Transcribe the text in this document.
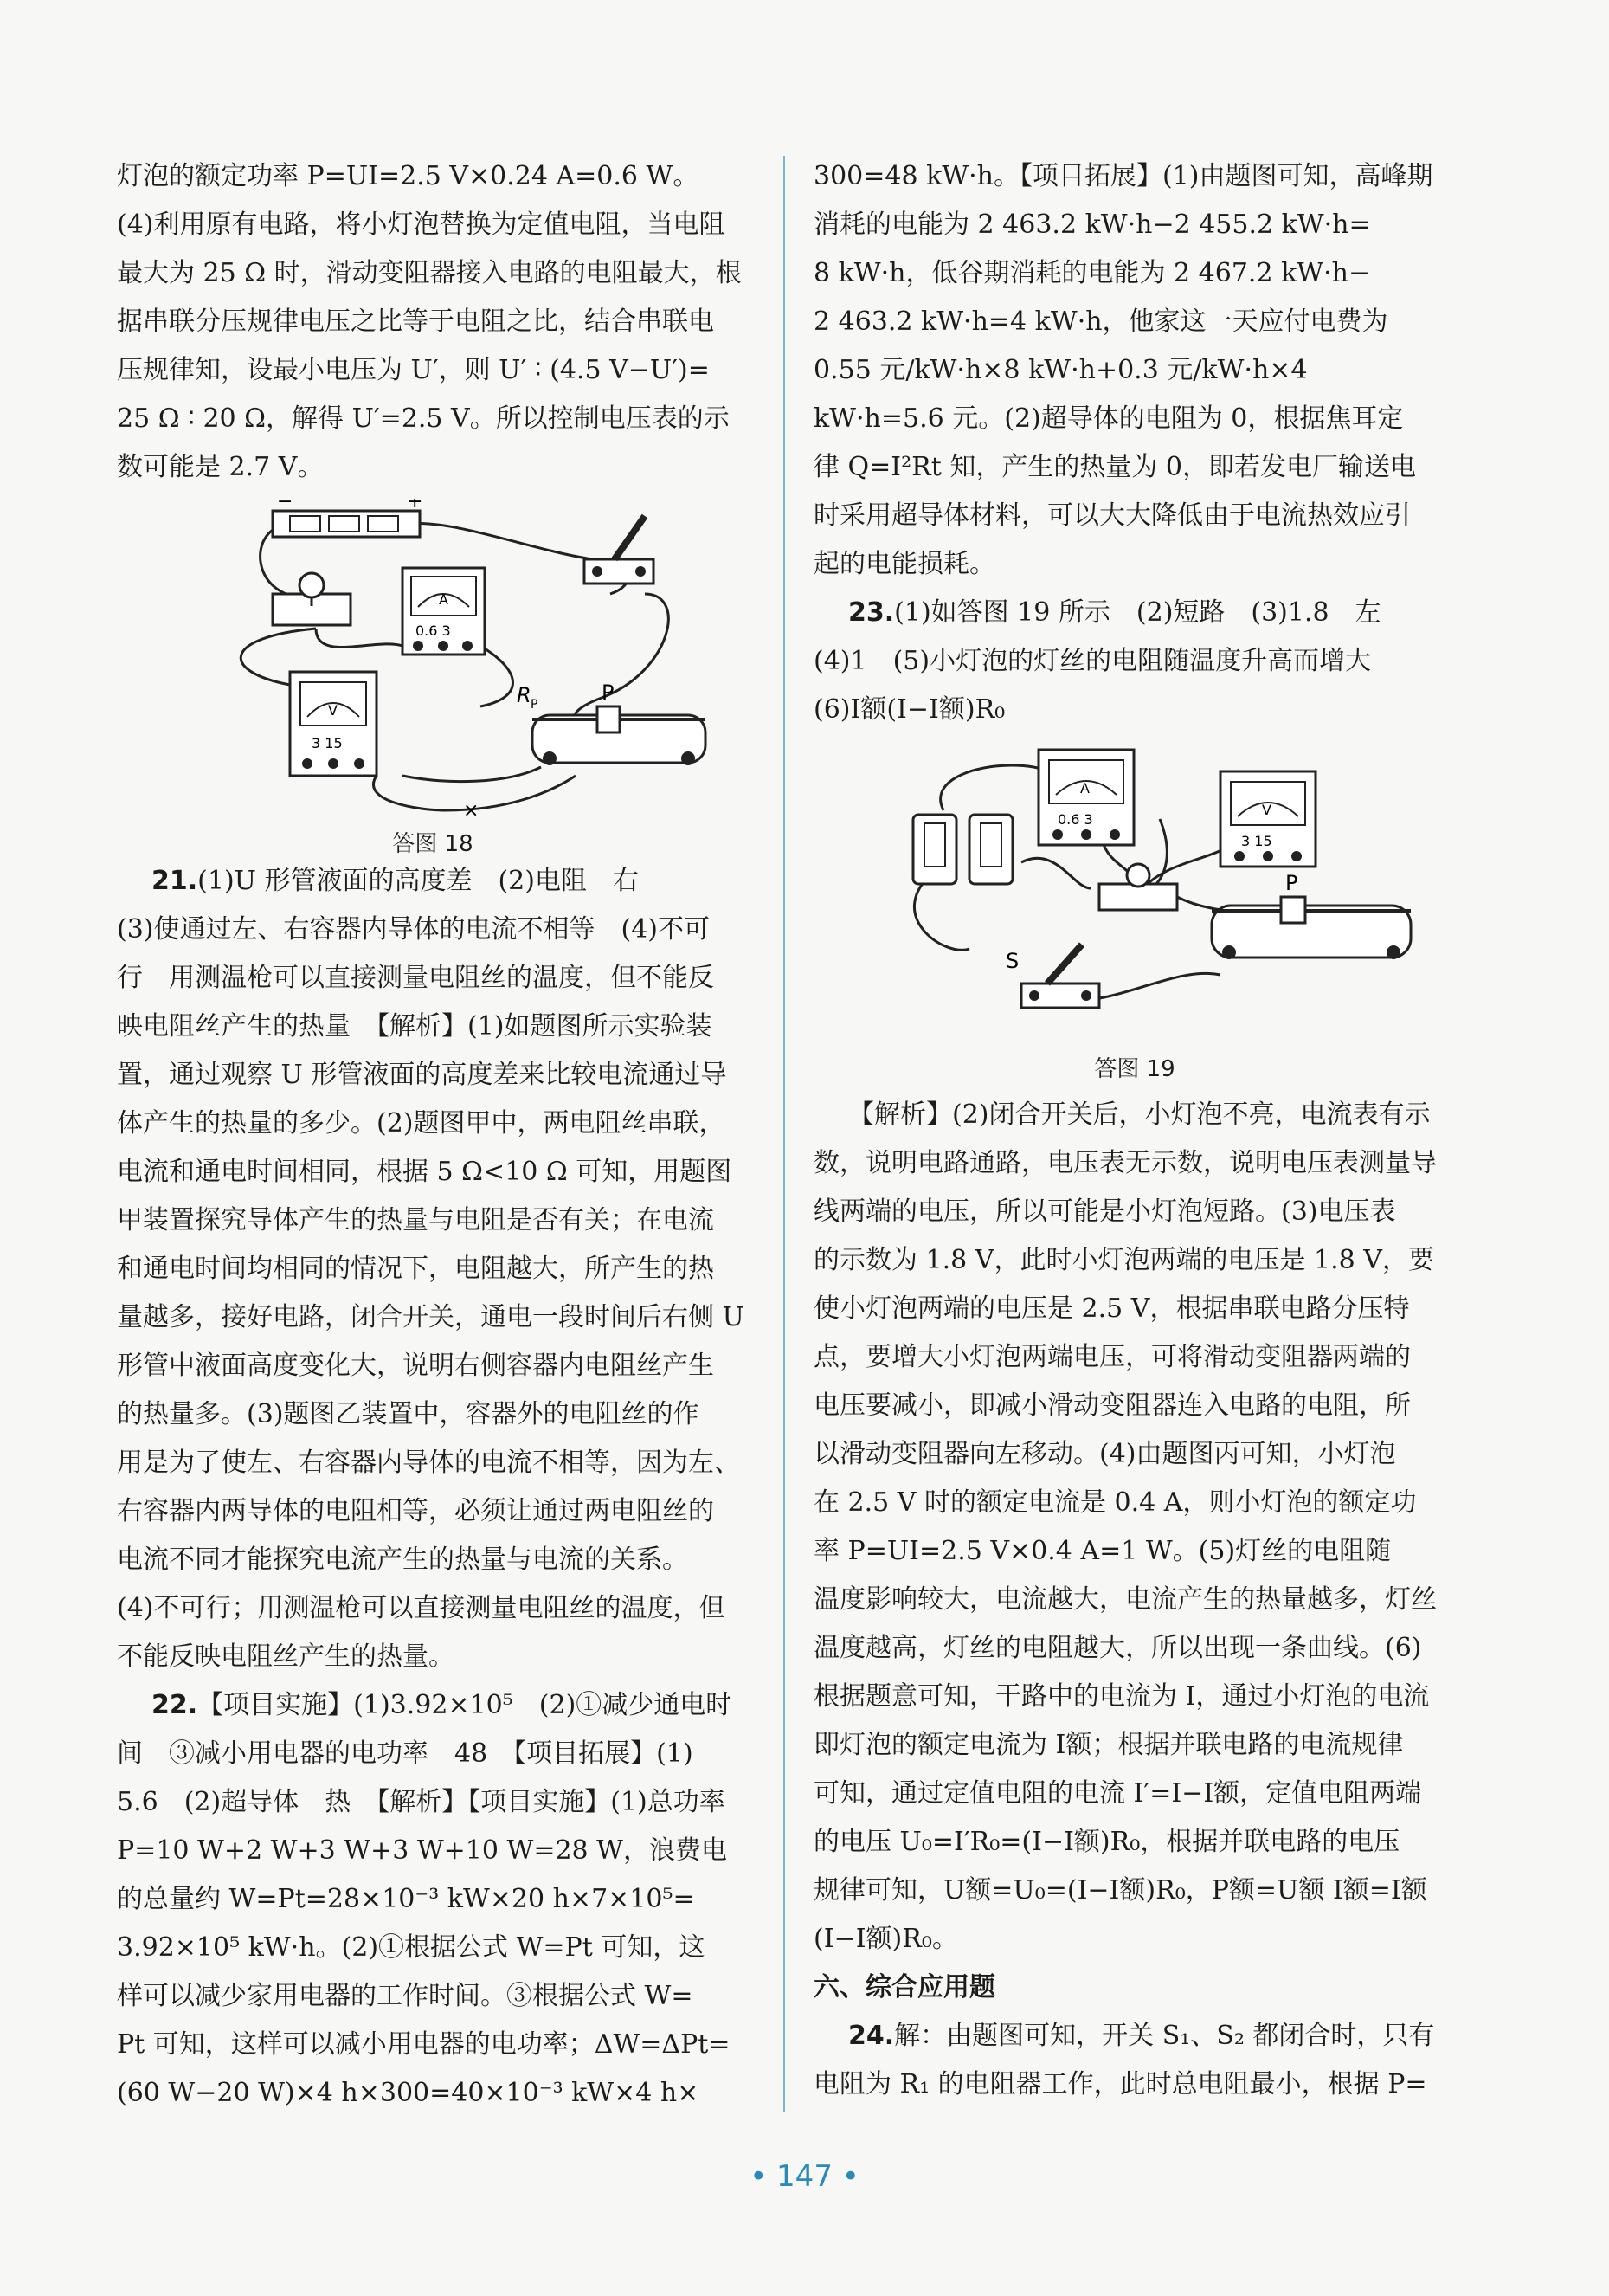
灯泡的额定功率 P=UI=2.5 V×0.24 A=0.6 W。
(4)利用原有电路，将小灯泡替换为定值电阻，当电阻
最大为 25 Ω 时，滑动变阻器接入电路的电阻最大，根
据串联分压规律电压之比等于电阻之比，结合串联电
压规律知，设最小电压为 U′，则 U′ ∶ (4.5 V−U′)=
25 Ω ∶ 20 Ω，解得 U′=2.5 V。所以控制电压表的示
数可能是 2.7 V。
−	+
A
0.6 3
V
3 15
R P	P
×
答图 18
21.(1)U 形管液面的高度差　(2)电阻　右
(3)使通过左、右容器内导体的电流不相等　(4)不可
行　用测温枪可以直接测量电阻丝的温度，但不能反
映电阻丝产生的热量　【解析】(1)如题图所示实验装
置，通过观察 U 形管液面的高度差来比较电流通过导
体产生的热量的多少。(2)题图甲中，两电阻丝串联，
电流和通电时间相同，根据 5 Ω<10 Ω 可知，用题图
甲装置探究导体产生的热量与电阻是否有关；在电流
和通电时间均相同的情况下，电阻越大，所产生的热
量越多，接好电路，闭合开关，通电一段时间后右侧 U
形管中液面高度变化大，说明右侧容器内电阻丝产生
的热量多。(3)题图乙装置中，容器外的电阻丝的作
用是为了使左、右容器内导体的电流不相等，因为左、
右容器内两导体的电阻相等，必须让通过两电阻丝的
电流不同才能探究电流产生的热量与电流的关系。
(4)不可行；用测温枪可以直接测量电阻丝的温度，但
不能反映电阻丝产生的热量。
22.【项目实施】(1)3.92×10⁵　(2)①减少通电时
间　③减小用电器的电功率　48　【项目拓展】(1)
5.6　(2)超导体　热　【解析】【项目实施】(1)总功率
P=10 W+2 W+3 W+3 W+10 W=28 W，浪费电
的总量约 W=Pt=28×10⁻³ kW×20 h×7×10⁵=
3.92×10⁵ kW·h。(2)①根据公式 W=Pt 可知，这
样可以减少家用电器的工作时间。③根据公式 W=
Pt 可知，这样可以减小用电器的电功率；ΔW=ΔPt=
(60 W−20 W)×4 h×300=40×10⁻³ kW×4 h×
300=48 kW·h。【项目拓展】(1)由题图可知，高峰期
消耗的电能为 2 463.2 kW·h−2 455.2 kW·h=
8 kW·h，低谷期消耗的电能为 2 467.2 kW·h−
2 463.2 kW·h=4 kW·h，他家这一天应付电费为
0.55 元/kW·h×8 kW·h+0.3 元/kW·h×4
kW·h=5.6 元。(2)超导体的电阻为 0，根据焦耳定
律 Q=I²Rt 知，产生的热量为 0，即若发电厂输送电
时采用超导体材料，可以大大降低由于电流热效应引
起的电能损耗。
23.(1)如答图 19 所示　(2)短路　(3)1.8　左
(4)1　(5)小灯泡的灯丝的电阻随温度升高而增大
(6)I额(I−I额)R₀
A
0.6 3
V
3 15
P
S
答图 19
【解析】(2)闭合开关后，小灯泡不亮，电流表有示
数，说明电路通路，电压表无示数，说明电压表测量导
线两端的电压，所以可能是小灯泡短路。(3)电压表
的示数为 1.8 V，此时小灯泡两端的电压是 1.8 V，要
使小灯泡两端的电压是 2.5 V，根据串联电路分压特
点，要增大小灯泡两端电压，可将滑动变阻器两端的
电压要减小，即减小滑动变阻器连入电路的电阻，所
以滑动变阻器向左移动。(4)由题图丙可知，小灯泡
在 2.5 V 时的额定电流是 0.4 A，则小灯泡的额定功
率 P=UI=2.5 V×0.4 A=1 W。(5)灯丝的电阻随
温度影响较大，电流越大，电流产生的热量越多，灯丝
温度越高，灯丝的电阻越大，所以出现一条曲线。(6)
根据题意可知，干路中的电流为 I，通过小灯泡的电流
即灯泡的额定电流为 I额；根据并联电路的电流规律
可知，通过定值电阻的电流 I′=I−I额，定值电阻两端
的电压 U₀=I′R₀=(I−I额)R₀，根据并联电路的电压
规律可知，U额=U₀=(I−I额)R₀，P额=U额 I额=I额
(I−I额)R₀。
六、综合应用题
24.解：由题图可知，开关 S₁、S₂ 都闭合时，只有
电阻为 R₁ 的电阻器工作，此时总电阻最小，根据 P=
• 147 •
